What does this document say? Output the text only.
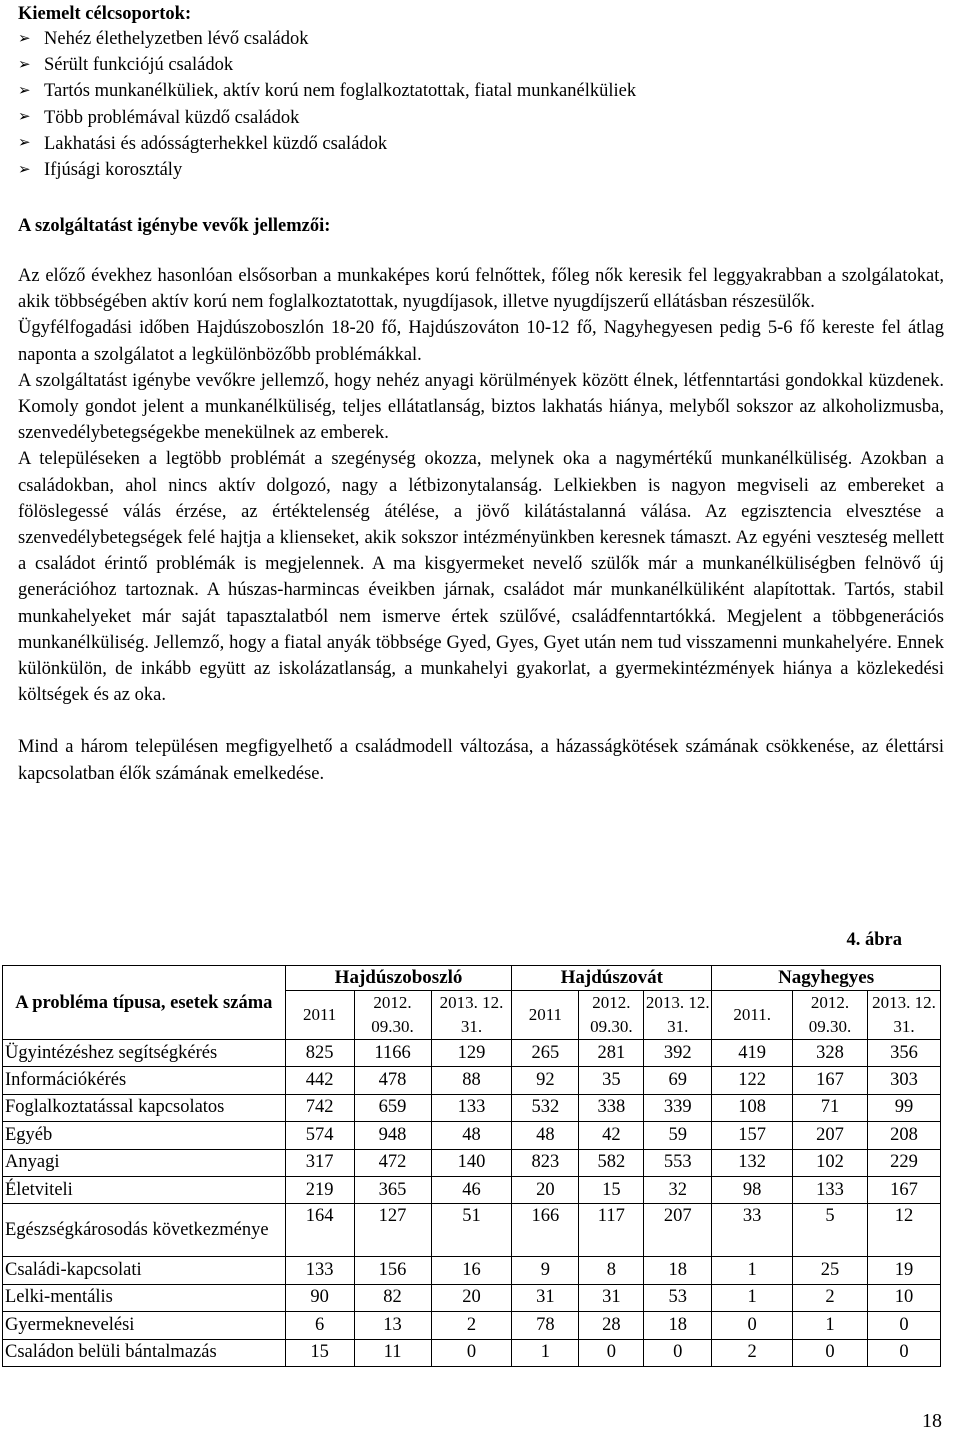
Kiemelt célcsoportok:
➢ Nehéz élethelyzetben lévő családok
➢ Sérült funkciójú családok
➢ Tartós munkanélküliek, aktív korú nem foglalkoztatottak, fiatal munkanélküliek
➢ Több problémával küzdő családok
➢ Lakhatási és adósságterhekkel küzdő családok
➢ Ifjúsági korosztály
A szolgáltatást igénybe vevők jellemzői:

Az előző évekhez hasonlóan elsősorban a munkaképes korú felnőttek, főleg nők keresik fel leggyakrabban a szolgálatokat, akik többségében aktív korú nem foglalkoztatottak, nyugdíjasok, illetve nyugdíjszerű ellátásban részesülők.

Ügyfélfogadási időben Hajdúszoboszlón 18-20 fő, Hajdúszováton 10-12 fő, Nagyhegyesen pedig 5-6 fő kereste fel átlag naponta a szolgálatot a legkülönbözőbb problémákkal.

A szolgáltatást igénybe vevőkre jellemző, hogy nehéz anyagi körülmények között élnek, létfenntartási gondokkal küzdenek. Komoly gondot jelent a munkanélküliség, teljes ellátatlanság, biztos lakhatás hiánya, melyből sokszor az alkoholizmusba, szenvedélybetegségekbe menekülnek az emberek.

A településeken a legtöbb problémát a szegénység okozza, melynek oka a nagymértékű munkanélküliség. Azokban a családokban, ahol nincs aktív dolgozó, nagy a létbizonytalanság. Lelkiekben is nagyon megviseli az embereket a fölöslegessé válás érzése, az értéktelenség átélése, a jövő kilátástalanná válása. Az egzisztencia elvesztése a szenvedélybetegségek felé hajtja a klienseket, akik sokszor intézményünkben keresnek támaszt. Az egyéni veszteség mellett a családot érintő problémák is megjelennek. A ma kisgyermeket nevelő szülők már a munkanélküliségben felnövő új generációhoz tartoznak. A húszas-harmincas éveikben járnak, családot már munkanélküliként alapítottak. Tartós, stabil munkahelyeket már saját tapasztalatból nem ismerve értek szülővé, családfenntartókká. Megjelent a többgenerációs munkanélküliség. Jellemző, hogy a fiatal anyák többsége Gyed, Gyes, Gyet után nem tud visszamenni munkahelyére. Ennek különkülön, de inkább együtt az iskolázatlanság, a munkahelyi gyakorlat, a gyermekintézmények hiánya a közlekedési költségek és az oka.

Mind a három településen megfigyelhető a családmodell változása, a házasságkötések számának csökkenése, az élettársi kapcsolatban élők számának emelkedése.

4. ábra
A probléma típusa, esetek száma	Hajdúszoboszló			Hajdúszovát			Nagyhegyes		
	2011	2012. 09.30.	2013. 12. 31.	2011	2012. 09.30.	2013. 12. 31.	2011.	2012. 09.30.	2013. 12. 31.
Ügyintézéshez segítségkérés	825	1166	129	265	281	392	419	328	356
Információkérés	442	478	88	92	35	69	122	167	303
Foglalkoztatással kapcsolatos	742	659	133	532	338	339	108	71	99
Egyéb	574	948	48	48	42	59	157	207	208
Anyagi	317	472	140	823	582	553	132	102	229
Életviteli	219	365	46	20	15	32	98	133	167
Egészségkárosodás következménye	164	127	51	166	117	207	33	5	12
Családi-kapcsolati	133	156	16	9	8	18	1	25	19
Lelki-mentális	90	82	20	31	31	53	1	2	10
Gyermeknevelési	6	13	2	78	28	18	0	1	0
Családon belüli bántalmazás	15	11	0	1	0	0	2	0	0
18
